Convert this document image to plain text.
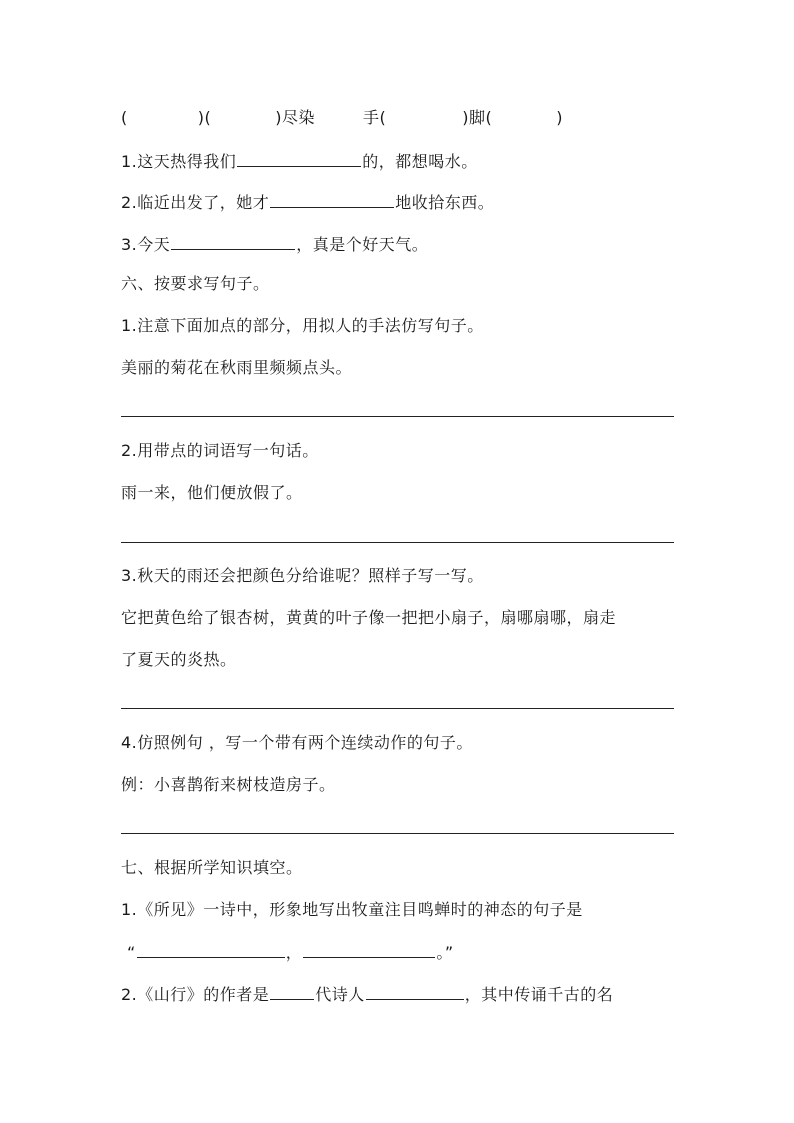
(	)(	)尽染	手(	)脚(	)
1.这天热得我们	的，都想喝水。
2.临近出发了，她才	地收拾东西。
3.今天	，真是个好天气。
六、按要求写句子。
1.注意下面加点的部分，用拟人的手法仿写句子。
美丽的菊花在秋雨里频频点头。
2.用带点的词语写一句话。
雨一来，他们便放假了。
3.秋天的雨还会把颜色分给谁呢？照样子写一写。
它把黄色给了银杏树，黄黄的叶子像一把把小扇子，扇哪扇哪，扇走
了夏天的炎热。
4.仿照例句 ，写一个带有两个连续动作的句子。
例：小喜鹊衔来树枝造房子。
七、根据所学知识填空。
1.《所见》一诗中，形象地写出牧童注目鸣蝉时的神态的句子是
“	，	。”
2.《山行》的作者是	代诗人	，其中传诵千古的名
